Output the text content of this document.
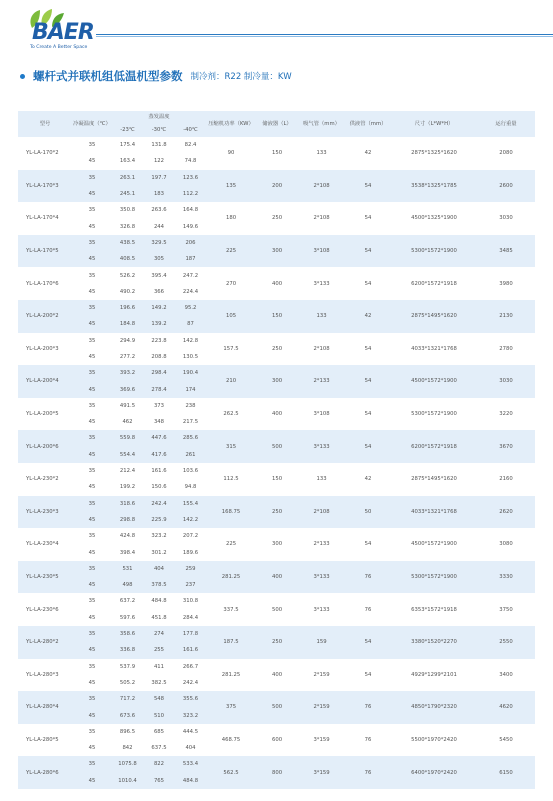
BAER
To Create A Better Space
螺杆式并联机组低温机型参数 制冷剂：R22 制冷量：KW
型号	冷凝温度（℃）	蒸发温度			压缩机功率（KW）	储液器（L）	吸气管（mm）	供液管（mm）	尺寸（L*W*H）	运行重量
		-23℃	-30℃	-40℃						
YL-LA-170*2	35	175.4	131.8	82.4	90	150	133	42	2875*1325*1620	2080
	45	163.4	122	74.8						
YL-LA-170*3	35	263.1	197.7	123.6	135	200	2*108	54	3538*1325*1785	2600
	45	245.1	183	112.2						
YL-LA-170*4	35	350.8	263.6	164.8	180	250	2*108	54	4500*1325*1900	3030
	45	326.8	244	149.6						
YL-LA-170*5	35	438.5	329.5	206	225	300	3*108	54	5300*1572*1900	3485
	45	408.5	305	187						
YL-LA-170*6	35	526.2	395.4	247.2	270	400	3*133	54	6200*1572*1918	3980
	45	490.2	366	224.4						
YL-LA-200*2	35	196.6	149.2	95.2	105	150	133	42	2875*1495*1620	2130
	45	184.8	139.2	87						
YL-LA-200*3	35	294.9	223.8	142.8	157.5	250	2*108	54	4033*1321*1768	2780
	45	277.2	208.8	130.5						
YL-LA-200*4	35	393.2	298.4	190.4	210	300	2*133	54	4500*1572*1900	3030
	45	369.6	278.4	174						
YL-LA-200*5	35	491.5	373	238	262.5	400	3*108	54	5300*1572*1900	3220
	45	462	348	217.5						
YL-LA-200*6	35	559.8	447.6	285.6	315	500	3*133	54	6200*1572*1918	3670
	45	554.4	417.6	261						
YL-LA-230*2	35	212.4	161.6	103.6	112.5	150	133	42	2875*1495*1620	2160
	45	199.2	150.6	94.8						
YL-LA-230*3	35	318.6	242.4	155.4	168.75	250	2*108	50	4033*1321*1768	2620
	45	298.8	225.9	142.2						
YL-LA-230*4	35	424.8	323.2	207.2	225	300	2*133	54	4500*1572*1900	3080
	45	398.4	301.2	189.6						
YL-LA-230*5	35	531	404	259	281.25	400	3*133	76	5300*1572*1900	3330
	45	498	378.5	237						
YL-LA-230*6	35	637.2	484.8	310.8	337.5	500	3*133	76	6353*1572*1918	3750
	45	597.6	451.8	284.4						
YL-LA-280*2	35	358.6	274	177.8	187.5	250	159	54	3380*1520*2270	2550
	45	336.8	255	161.6						
YL-LA-280*3	35	537.9	411	266.7	281.25	400	2*159	54	4929*1299*2101	3400
	45	505.2	382.5	242.4						
YL-LA-280*4	35	717.2	548	355.6	375	500	2*159	76	4850*1790*2320	4620
	45	673.6	510	323.2						
YL-LA-280*5	35	896.5	685	444.5	468.75	600	3*159	76	5500*1970*2420	5450
	45	842	637.5	404						
YL-LA-280*6	35	1075.8	822	533.4	562.5	800	3*159	76	6400*1970*2420	6150
	45	1010.4	765	484.8						
